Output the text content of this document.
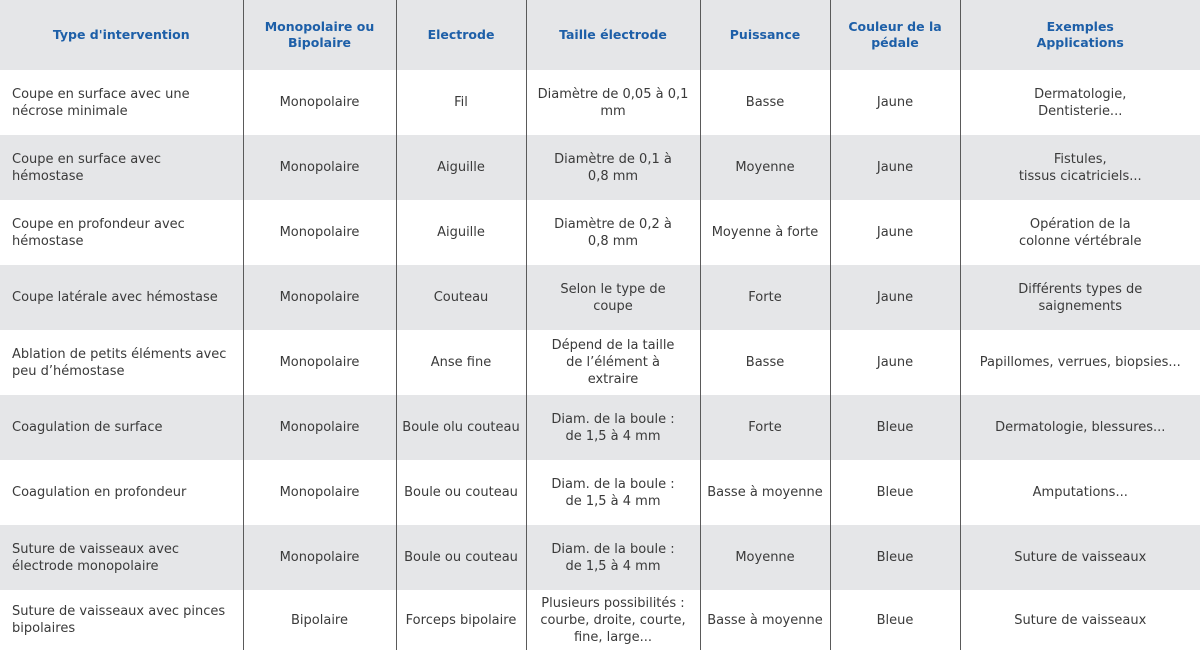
Type d'intervention	Monopolaire ou
Bipolaire	Electrode	Taille électrode	Puissance	Couleur de la
pédale	Exemples
Applications
Coupe en surface avec une nécrose minimale	Monopolaire	Fil	Diamètre de 0,05 à 0,1 mm	Basse	Jaune	Dermatologie,
Dentisterie...
Coupe en surface avec hémostase	Monopolaire	Aiguille	Diamètre de 0,1 à
0,8 mm	Moyenne	Jaune	Fistules,
tissus cicatriciels...
Coupe en profondeur avec hémostase	Monopolaire	Aiguille	Diamètre de 0,2 à
0,8 mm	Moyenne à forte	Jaune	Opération de la
colonne vértébrale
Coupe latérale avec hémostase	Monopolaire	Couteau	Selon le type de
coupe	Forte	Jaune	Différents types de
saignements
Ablation de petits éléments avec peu d’hémostase	Monopolaire	Anse fine	Dépend de la taille
de l’élément à
extraire	Basse	Jaune	Papillomes, verrues, biopsies...
Coagulation de surface	Monopolaire	Boule olu couteau	Diam. de la boule :
de 1,5 à 4 mm	Forte	Bleue	Dermatologie, blessures...
Coagulation en profondeur	Monopolaire	Boule ou couteau	Diam. de la boule :
de 1,5 à 4 mm	Basse à moyenne	Bleue	Amputations...
Suture de vaisseaux avec électrode monopolaire	Monopolaire	Boule ou couteau	Diam. de la boule :
de 1,5 à 4 mm	Moyenne	Bleue	Suture de vaisseaux
Suture de vaisseaux avec pinces bipolaires	Bipolaire	Forceps bipolaire	Plusieurs possibilités :
courbe, droite, courte,
fine, large...	Basse à moyenne	Bleue	Suture de vaisseaux
